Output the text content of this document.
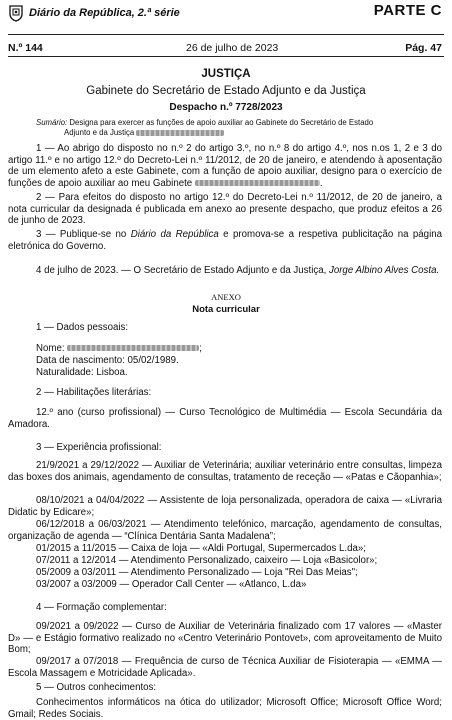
Diário da República, 2.ª série	PARTE C
N.º 144	26 de julho de 2023	Pág. 47
JUSTIÇA
Gabinete do Secretário de Estado Adjunto e da Justiça
Despacho n.º 7728/2023
Sumário: Designa para exercer as funções de apoio auxiliar ao Gabinete do Secretário de Estado
Adjunto e da Justiça
1 — Ao abrigo do disposto no n.º 2 do artigo 3.º, no n.º 8 do artigo 4.º, nos n.os 1, 2 e 3 do artigo 11.º e no artigo 12.º do Decreto-Lei n.º 11/2012, de 20 de janeiro, e atendendo à aposentação de um elemento afeto a este Gabinete, com a função de apoio auxiliar, designo para o exercício de funções de apoio auxiliar ao meu Gabinete	.
2 — Para efeitos do disposto no artigo 12.º do Decreto-Lei n.º 11/2012, de 20 de janeiro, a nota curricular da designada é publicada em anexo ao presente despacho, que produz efeitos a 26 de junho de 2023.
3 — Publique-se no Diário da República e promova-se a respetiva publicitação na página eletrónica do Governo.
4 de julho de 2023. — O Secretário de Estado Adjunto e da Justiça, Jorge Albino Alves Costa.
ANEXO
Nota curricular
1 — Dados pessoais:
Nome:	;
Data de nascimento: 05/02/1989.
Naturalidade: Lisboa.
2 — Habilitações literárias:
12.º ano (curso profissional) — Curso Tecnológico de Multimédia — Escola Secundária da Amadora.
3 — Experiência profissional:
21/9/2021 a 29/12/2022 — Auxiliar de Veterinária; auxiliar veterinário entre consultas, limpeza das boxes dos animais, agendamento de consultas, tratamento de receção — «Patas e Cãopanhia»;
08/10/2021 a 04/04/2022 — Assistente de loja personalizada, operadora de caixa — «Livraria Didatic by Edicare»;
06/12/2018 a 06/03/2021 — Atendimento telefónico, marcação, agendamento de consultas, organização de agenda — “Clínica Dentária Santa Madalena”;
01/2015 a 11/2015 — Caixa de loja — «Aldi Portugal, Supermercados L.da»;
07/2011 a 12/2014 — Atendimento Personalizado, caixeiro — Loja «Basicolor»;
05/2009 a 03/2011 — Atendimento Personalizado — Loja "Rei Das Meias";
03/2007 a 03/2009 — Operador Call Center — «Atlanco, L.da»
4 — Formação complementar:
09/2021 a 09/2022 — Curso de Auxiliar de Veterinária finalizado com 17 valores — «Master D» — e Estágio formativo realizado no «Centro Veterinário Pontovet», com aproveitamento de Muito Bom;
09/2017 a 07/2018 — Frequência de curso de Técnica Auxiliar de Fisioterapia — «EMMA — Escola Massagem e Motricidade Aplicada».
5 — Outros conhecimentos:
Conhecimentos informáticos na ótica do utilizador; Microsoft Office; Microsoft Office Word; Gmail; Redes Sociais.
